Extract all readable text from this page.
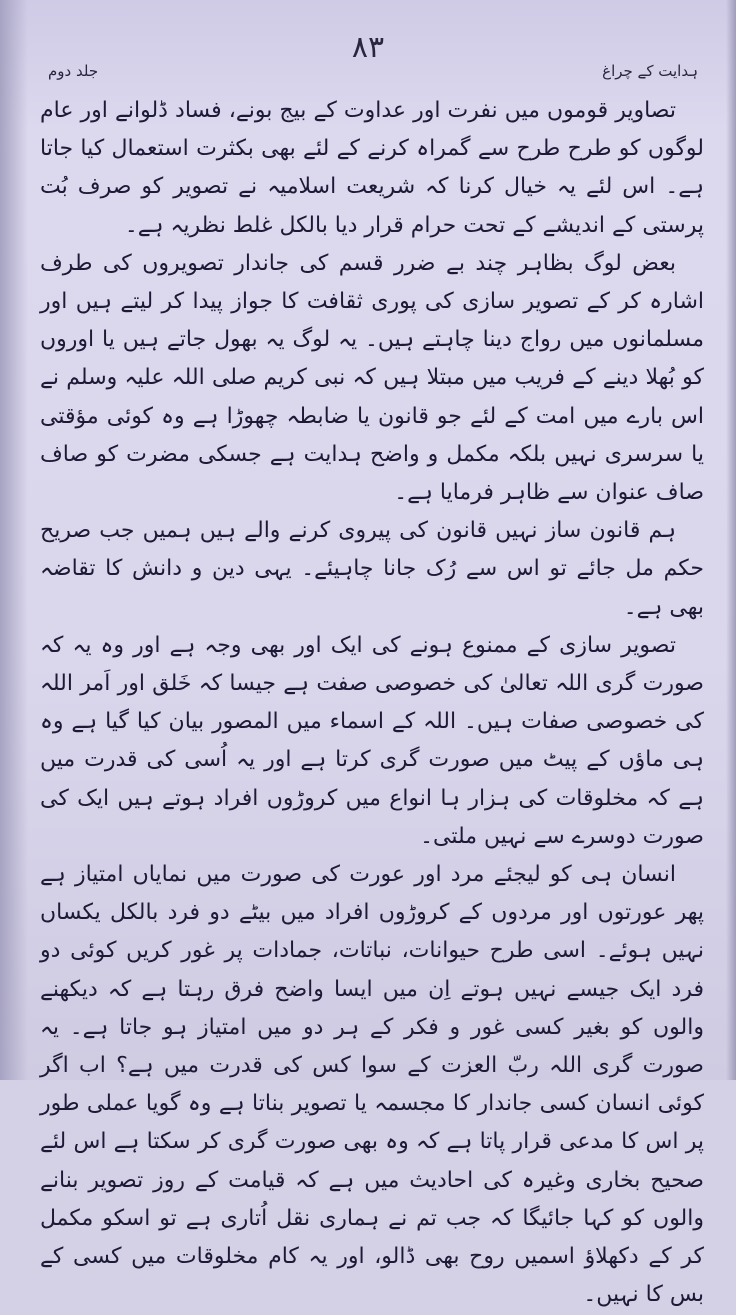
۸۳
ہدایت کے چراغ
جلد دوم

تصاویر قوموں میں نفرت اور عداوت کے بیج بونے، فساد ڈلوانے اور عام لوگوں کو طرح طرح سے گمراہ کرنے کے لئے بھی بکثرت استعمال کیا جاتا ہے۔ اس لئے یہ خیال کرنا کہ شریعت اسلامیہ نے تصویر کو صرف بُت پرستی کے اندیشے کے تحت حرام قرار دیا بالکل غلط نظریہ ہے۔

بعض لوگ بظاہر چند بے ضرر قسم کی جاندار تصویروں کی طرف اشارہ کر کے تصویر سازی کی پوری ثقافت کا جواز پیدا کر لیتے ہیں اور مسلمانوں میں رواج دینا چاہتے ہیں۔ یہ لوگ یہ بھول جاتے ہیں یا اوروں کو بُھلا دینے کے فریب میں مبتلا ہیں کہ نبی کریم صلی اللہ علیہ وسلم نے اس بارے میں امت کے لئے جو قانون یا ضابطہ چھوڑا ہے وہ کوئی مؤقتی یا سرسری نہیں بلکہ مکمل و واضح ہدایت ہے جسکی مضرت کو صاف صاف عنوان سے ظاہر فرمایا ہے۔

ہم قانون ساز نہیں قانون کی پیروی کرنے والے ہیں ہمیں جب صریح حکم مل جائے تو اس سے رُک جانا چاہیئے۔ یہی دین و دانش کا تقاضہ بھی ہے۔

تصویر سازی کے ممنوع ہونے کی ایک اور بھی وجہ ہے اور وہ یہ کہ صورت گری اللہ تعالیٰ کی خصوصی صفت ہے جیسا کہ خَلق اور اَمر اللہ کی خصوصی صفات ہیں۔ اللہ کے اسماء میں المصور بیان کیا گیا ہے وہ ہی ماؤں کے پیٹ میں صورت گری کرتا ہے اور یہ اُسی کی قدرت میں ہے کہ مخلوقات کی ہزار ہا انواع میں کروڑوں افراد ہوتے ہیں ایک کی صورت دوسرے سے نہیں ملتی۔

انسان ہی کو لیجئے مرد اور عورت کی صورت میں نمایاں امتیاز ہے پھر عورتوں اور مردوں کے کروڑوں افراد میں بیٹے دو فرد بالکل یکساں نہیں ہوئے۔ اسی طرح حیوانات، نباتات، جمادات پر غور کریں کوئی دو فرد ایک جیسے نہیں ہوتے اِن میں ایسا واضح فرق رہتا ہے کہ دیکھنے والوں کو بغیر کسی غور و فکر کے ہر دو میں امتیاز ہو جاتا ہے۔ یہ صورت گری اللہ ربّ العزت کے سوا کس کی قدرت میں ہے؟ اب اگر کوئی انسان کسی جاندار کا مجسمہ یا تصویر بناتا ہے وہ گویا عملی طور پر اس کا مدعی قرار پاتا ہے کہ وہ بھی صورت گری کر سکتا ہے اس لئے صحیح بخاری وغیرہ کی احادیث میں ہے کہ قیامت کے روز تصویر بنانے والوں کو کہا جائیگا کہ جب تم نے ہماری نقل اُتاری ہے تو اسکو مکمل کر کے دکھلاؤ اسمیں روح بھی ڈالو، اور یہ کام مخلوقات میں کسی کے بس کا نہیں۔
